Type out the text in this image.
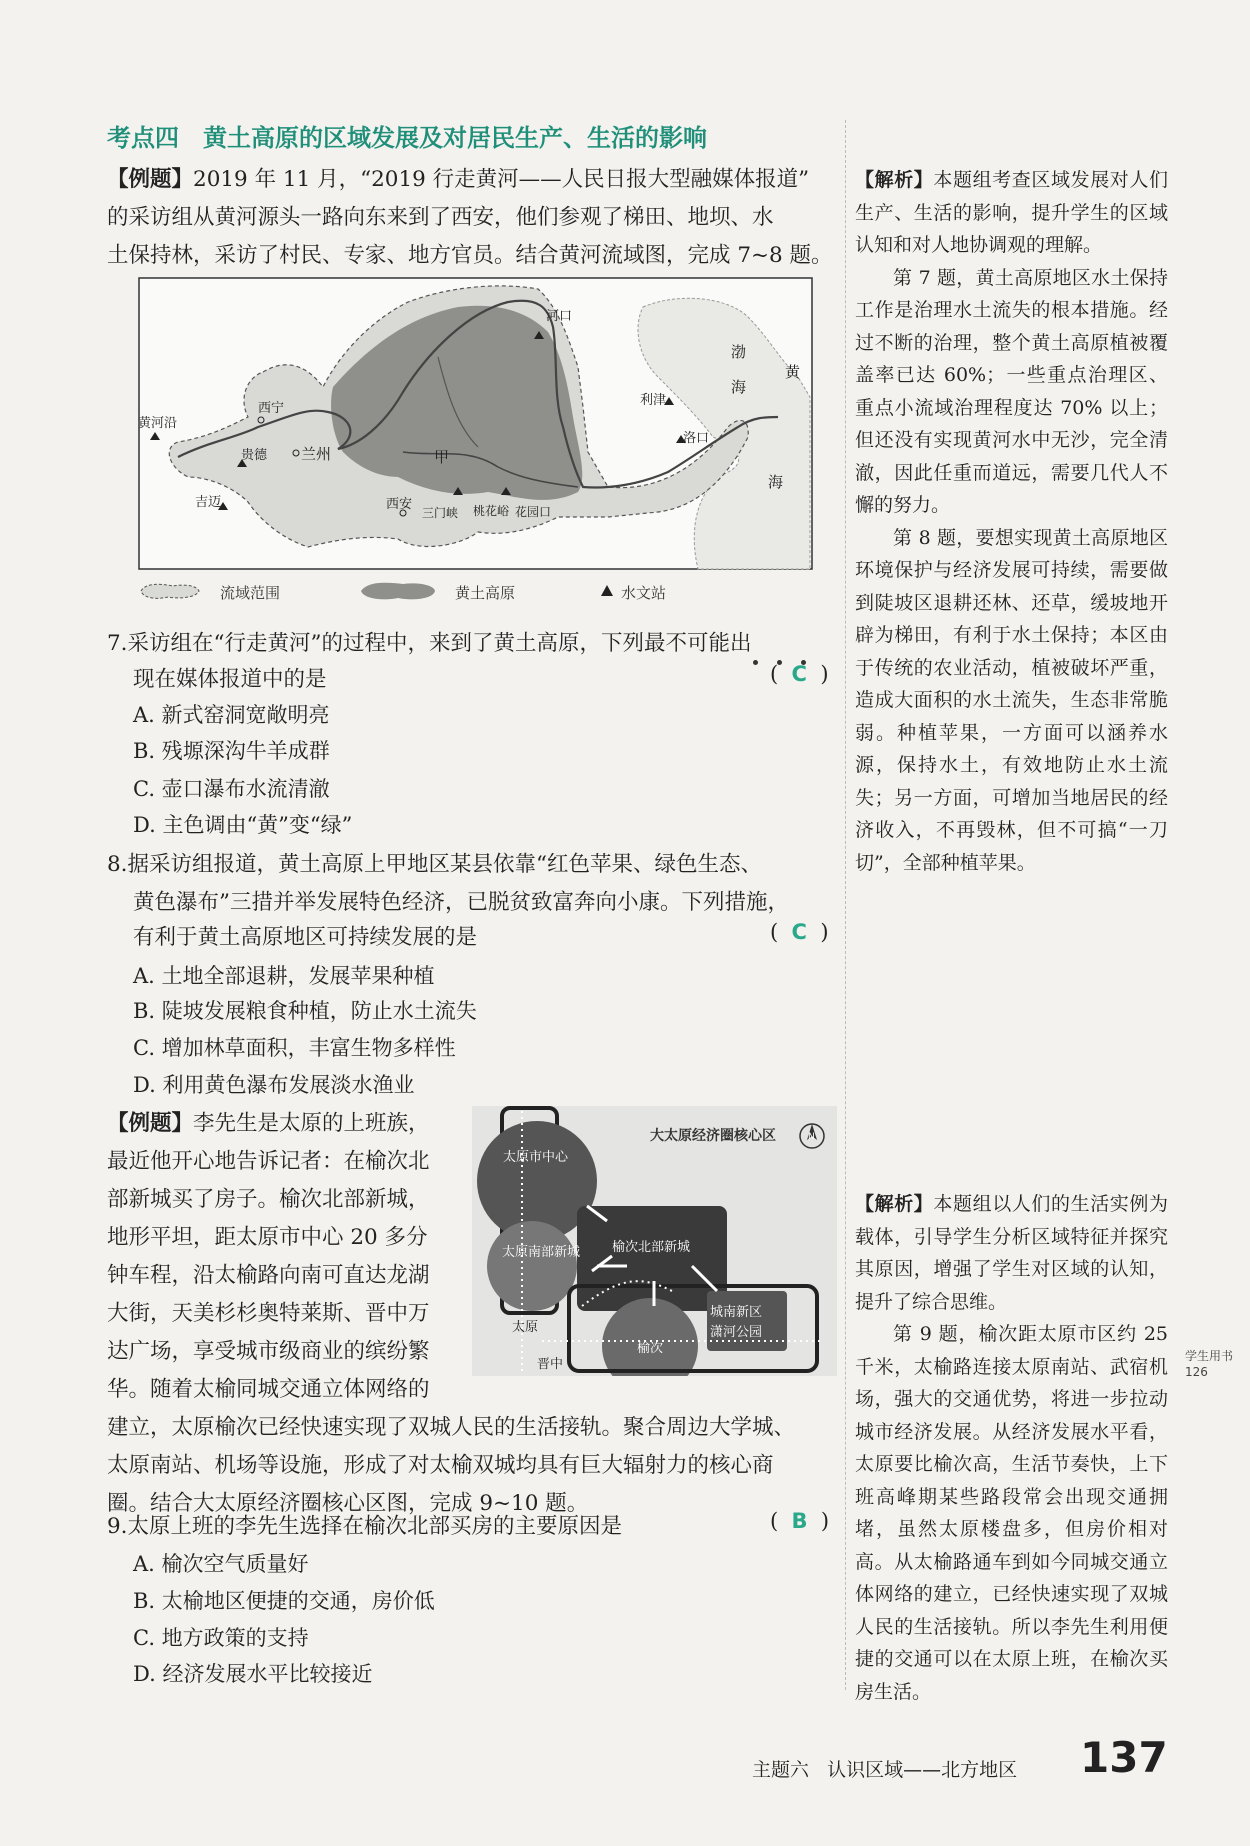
考点四 黄土高原的区域发展及对居民生产、生活的影响
【例题】2019 年 11 月，“2019 行走黄河——人民日报大型融媒体报道”
的采访组从黄河源头一路向东来到了西安，他们参观了梯田、地坝、水
土保持林，采访了村民、专家、地方官员。结合黄河流域图，完成 7~8 题。
河口
西宁
黄河沿
贵德 兰州	甲
吉迈	西安
三门峡 桃花峪 花园口
利津
洛口
渤
海
黄
海
流域范围	黄土高原	水文站
7.采访组在“行走黄河”的过程中，来到了黄土高原，下列最不可能出
现在媒体报道中的是	(  C  )
A. 新式窑洞宽敞明亮
B. 残塬深沟牛羊成群
C. 壶口瀑布水流清澈
D. 主色调由“黄”变“绿”
8.据采访组报道，黄土高原上甲地区某县依靠“红色苹果、绿色生态、
黄色瀑布”三措并举发展特色经济，已脱贫致富奔向小康。下列措施，
有利于黄土高原地区可持续发展的是	(  C  )
A. 土地全部退耕，发展苹果种植
B. 陡坡发展粮食种植，防止水土流失
C. 增加林草面积，丰富生物多样性
D. 利用黄色瀑布发展淡水渔业
【例题】李先生是太原的上班族，
最近他开心地告诉记者：在榆次北
部新城买了房子。榆次北部新城，
地形平坦，距太原市中心 20 多分
钟车程，沿太榆路向南可直达龙湖
大街，天美杉杉奥特莱斯、晋中万
达广场，享受城市级商业的缤纷繁
华。随着太榆同城交通立体网络的
建立，太原榆次已经快速实现了双城人民的生活接轨。聚合周边大学城、
太原南站、机场等设施，形成了对太榆双城均具有巨大辐射力的核心商
圈。结合大太原经济圈核心区图，完成 9~10 题。
大太原经济圈核心区	N
太原市中心
太原南部新城 榆次北部新城
城南新区
潇河公园
榆次
太原
晋中
9.太原上班的李先生选择在榆次北部买房的主要原因是	(  B  )
A. 榆次空气质量好
B. 太榆地区便捷的交通，房价低
C. 地方政策的支持
D. 经济发展水平比较接近
【解析】本题组考查区域发展对人们生产、生活的影响，提升学生的区域认知和对人地协调观的理解。

第 7 题，黄土高原地区水土保持工作是治理水土流失的根本措施。经过不断的治理，整个黄土高原植被覆盖率已达 60%；一些重点治理区、重点小流域治理程度达 70% 以上；但还没有实现黄河水中无沙，完全清澈，因此任重而道远，需要几代人不懈的努力。

第 8 题，要想实现黄土高原地区环境保护与经济发展可持续，需要做到陡坡区退耕还林、还草，缓坡地开辟为梯田，有利于水土保持；本区由于传统的农业活动，植被破坏严重，造成大面积的水土流失，生态非常脆弱。种植苹果，一方面可以涵养水源，保持水土，有效地防止水土流失；另一方面，可增加当地居民的经济收入，不再毁林，但不可搞“一刀切”，全部种植苹果。

【解析】本题组以人们的生活实例为载体，引导学生分析区域特征并探究其原因，增强了学生对区域的认知，提升了综合思维。

第 9 题，榆次距太原市区约 25 千米，太榆路连接太原南站、武宿机场，强大的交通优势，将进一步拉动城市经济发展。从经济发展水平看，太原要比榆次高，生活节奏快，上下班高峰期某些路段常会出现交通拥堵，虽然太原楼盘多，但房价相对高。从太榆路通车到如今同城交通立体网络的建立，已经快速实现了双城人民的生活接轨。所以李先生利用便捷的交通可以在太原上班，在榆次买房生活。

学生用书
126
主题六 认识区域——北方地区 137
